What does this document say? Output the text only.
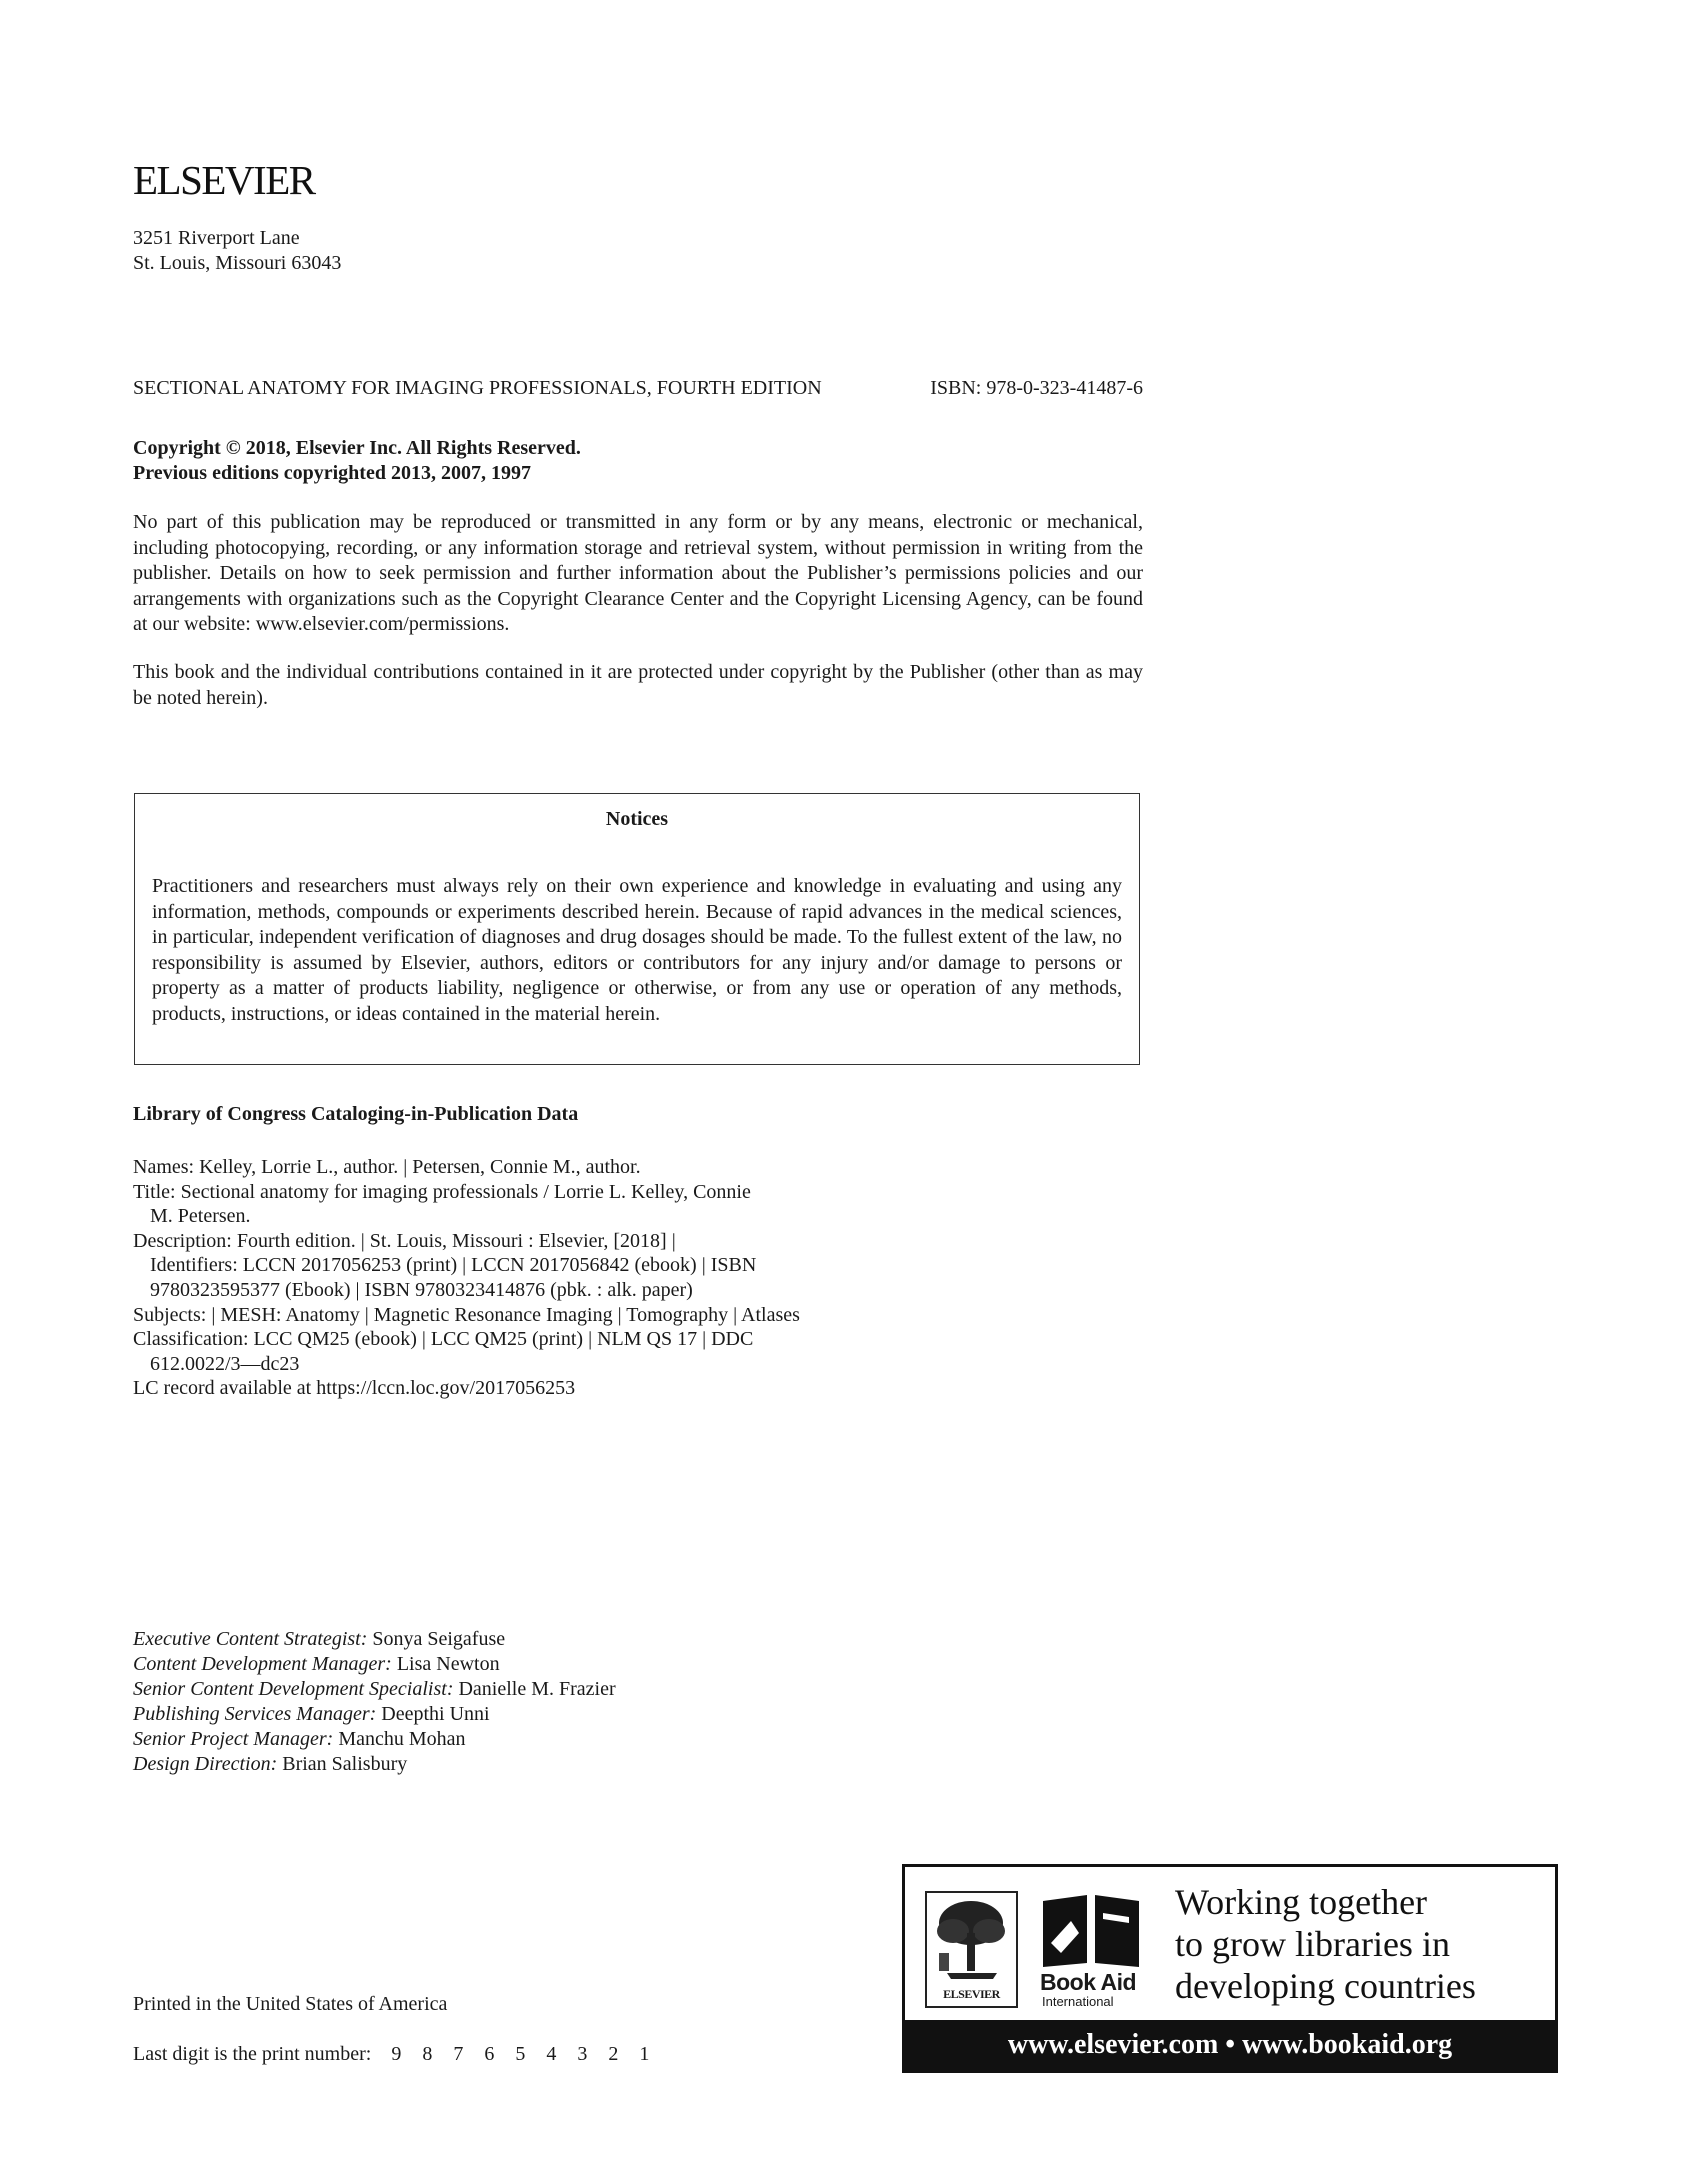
ELSEVIER
3251 Riverport Lane
St. Louis, Missouri 63043
SECTIONAL ANATOMY FOR IMAGING PROFESSIONALS, FOURTH EDITION	ISBN: 978-0-323-41487-6
Copyright © 2018, Elsevier Inc. All Rights Reserved.
Previous editions copyrighted 2013, 2007, 1997
No part of this publication may be reproduced or transmitted in any form or by any means, electronic or mechanical, including photocopying, recording, or any information storage and retrieval system, without permission in writing from the publisher. Details on how to seek permission and further information about the Publisher’s permissions policies and our arrangements with organizations such as the Copyright Clearance Center and the Copyright Licensing Agency, can be found at our website: www.elsevier.com/permissions.
This book and the individual contributions contained in it are protected under copyright by the Publisher (other than as may be noted herein).
Notices
Practitioners and researchers must always rely on their own experience and knowledge in evaluating and using any information, methods, compounds or experiments described herein. Because of rapid advances in the medical sciences, in particular, independent verification of diagnoses and drug dosages should be made. To the fullest extent of the law, no responsibility is assumed by Elsevier, authors, editors or contributors for any injury and/or damage to persons or property as a matter of products liability, negligence or otherwise, or from any use or operation of any methods, products, instructions, or ideas contained in the material herein.
Library of Congress Cataloging-in-Publication Data
Names: Kelley, Lorrie L., author. | Petersen, Connie M., author.
Title: Sectional anatomy for imaging professionals / Lorrie L. Kelley, Connie
M. Petersen.
Description: Fourth edition. | St. Louis, Missouri : Elsevier, [2018] |
Identifiers: LCCN 2017056253 (print) | LCCN 2017056842 (ebook) | ISBN
9780323595377 (Ebook) | ISBN 9780323414876 (pbk. : alk. paper)
Subjects: | MESH: Anatomy | Magnetic Resonance Imaging | Tomography | Atlases
Classification: LCC QM25 (ebook) | LCC QM25 (print) | NLM QS 17 | DDC
612.0022/3—dc23
LC record available at https://lccn.loc.gov/2017056253
Executive Content Strategist: Sonya Seigafuse
Content Development Manager: Lisa Newton
Senior Content Development Specialist: Danielle M. Frazier
Publishing Services Manager: Deepthi Unni
Senior Project Manager: Manchu Mohan
Design Direction: Brian Salisbury
Printed in the United States of America
Last digit is the print number: 9 8 7 6 5 4 3 2 1
ELSEVIER	Book Aid
International
Working together
to grow libraries in
developing countries
www.elsevier.com • www.bookaid.org
